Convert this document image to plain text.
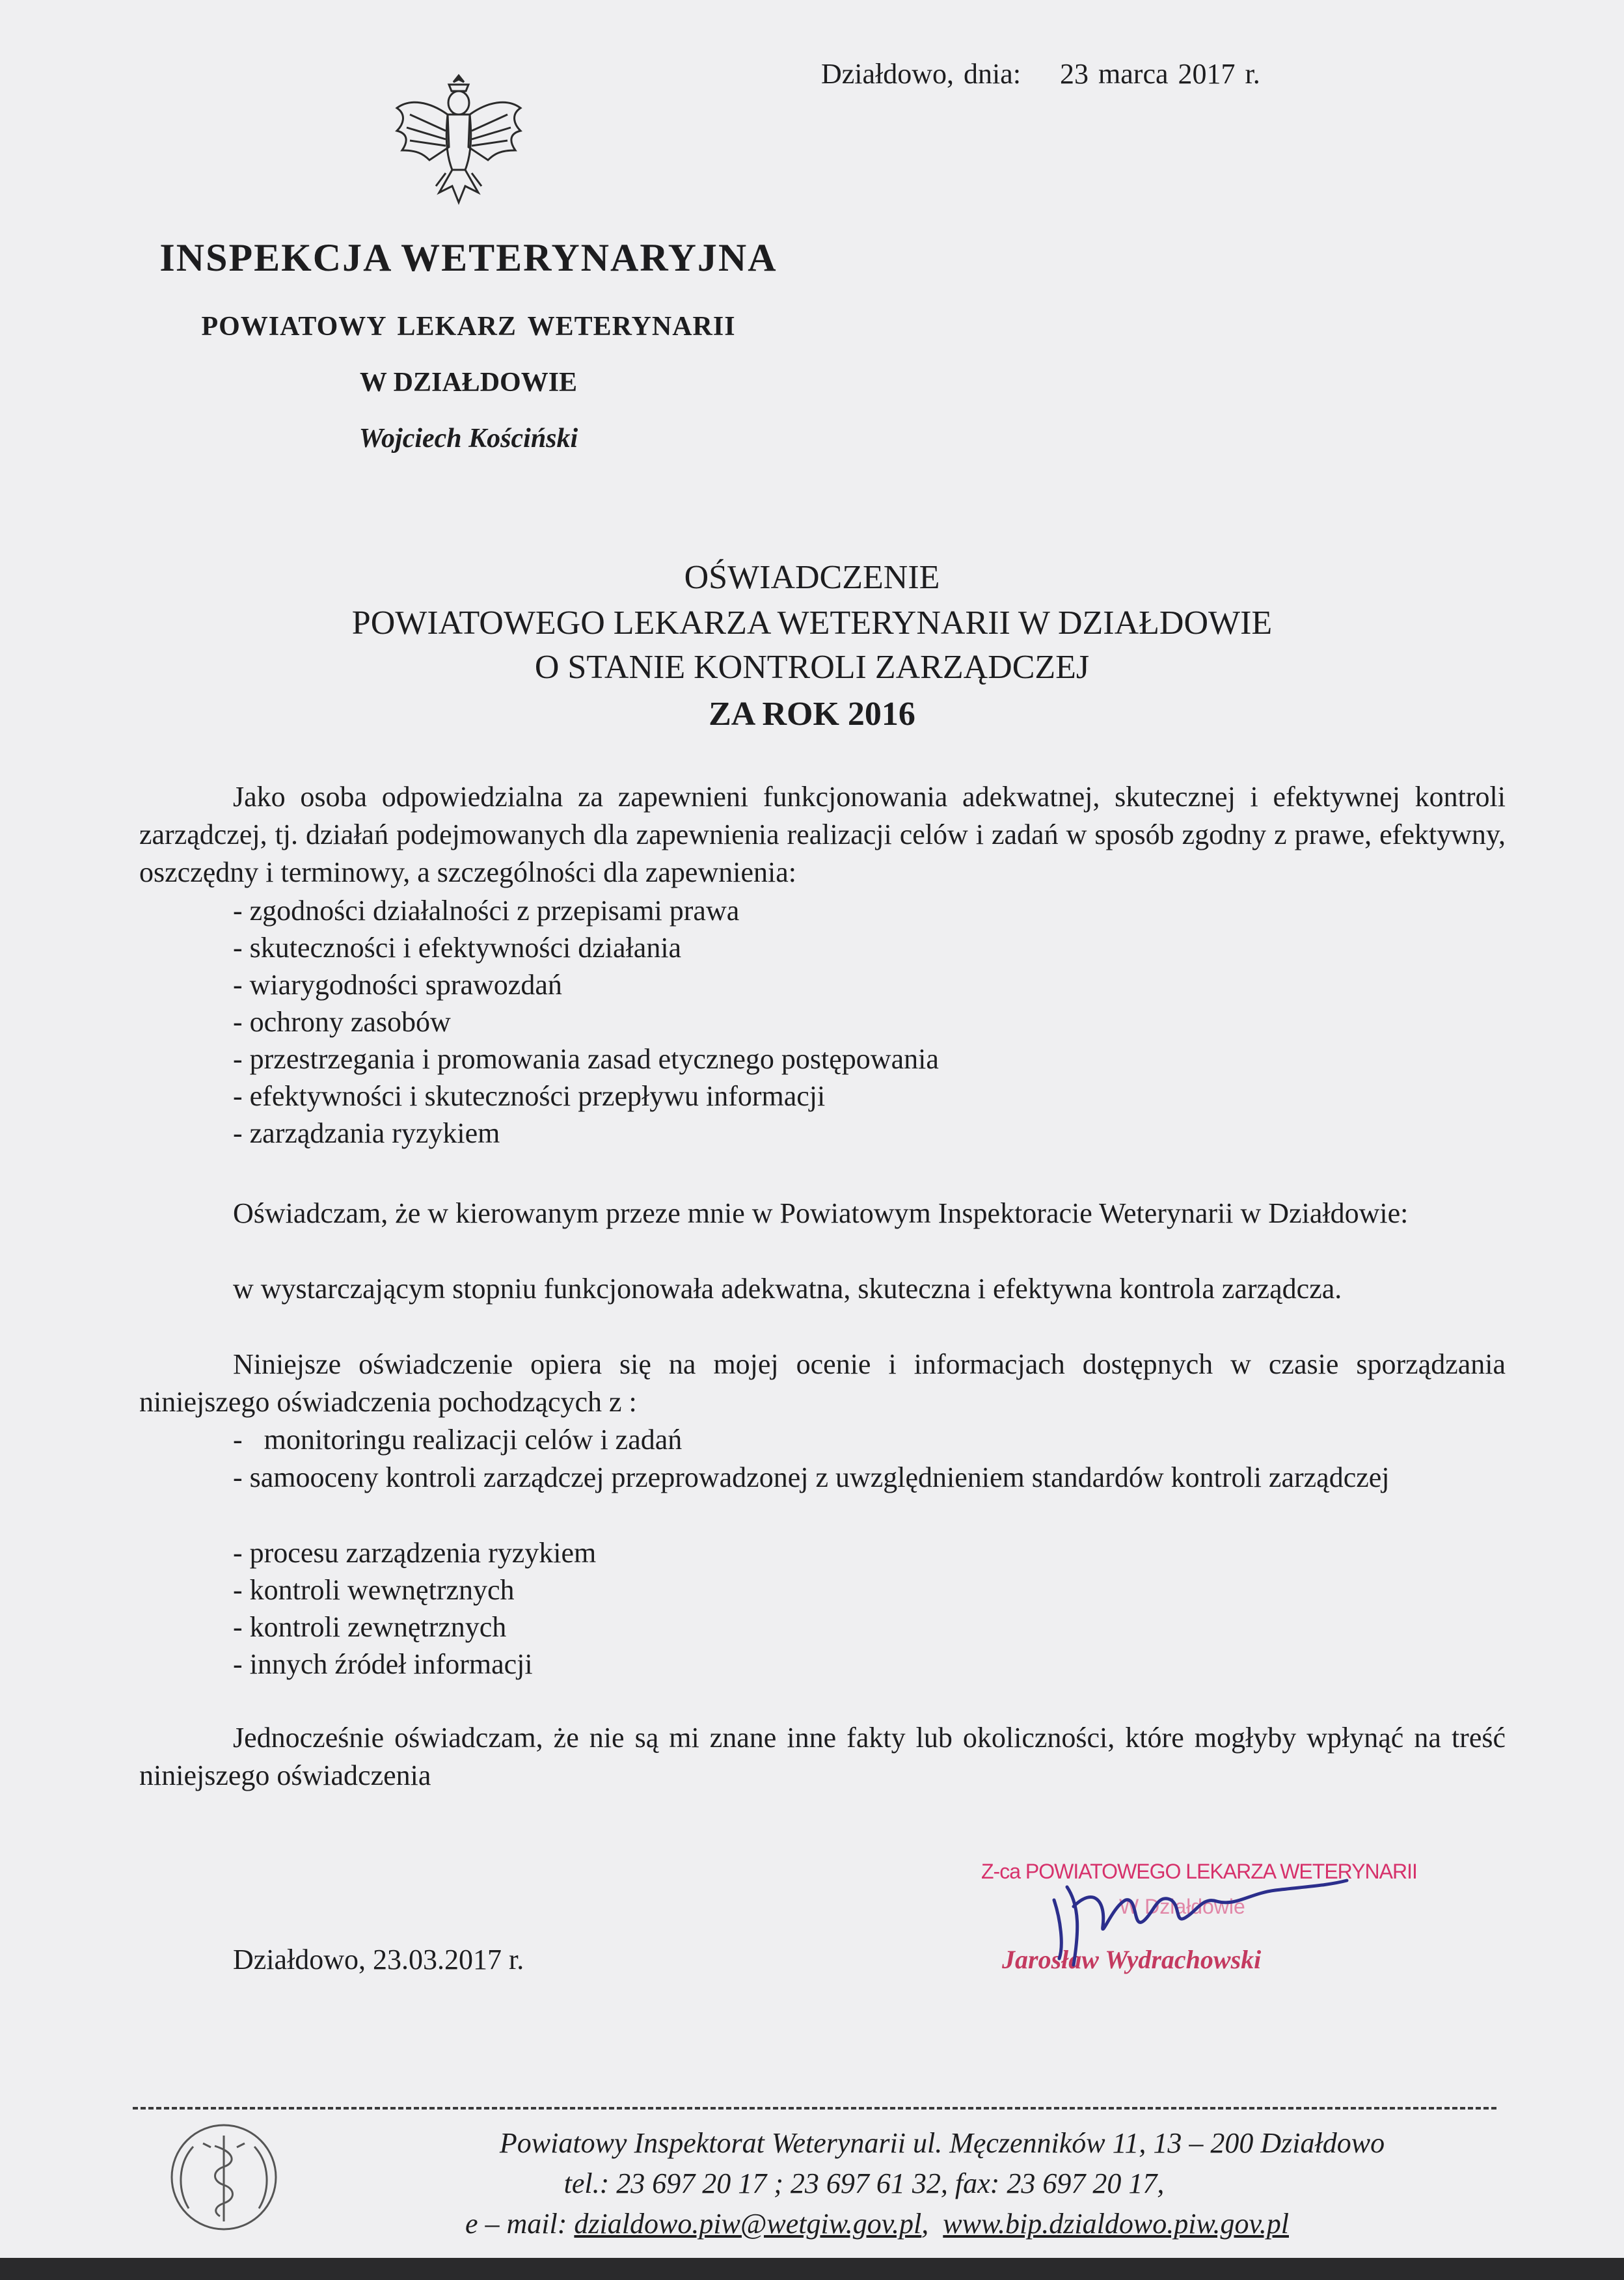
Działdowo, dnia: 23 marca 2017 r.
INSPEKCJA WETERYNARYJNA
POWIATOWY LEKARZ WETERYNARII
W DZIAŁDOWIE
Wojciech Kościński
OŚWIADCZENIE
POWIATOWEGO LEKARZA WETERYNARII W DZIAŁDOWIE
O STANIE KONTROLI ZARZĄDCZEJ
ZA ROK 2016

Jako osoba odpowiedzialna za zapewnieni funkcjonowania adekwatnej, skutecznej i efektywnej kontroli zarządczej, tj. działań podejmowanych dla zapewnienia realizacji celów i zadań w sposób zgodny z prawe, efektywny, oszczędny i terminowy, a szczególności dla zapewnienia:

- zgodności działalności z przepisami prawa
- skuteczności i efektywności działania
- wiarygodności sprawozdań
- ochrony zasobów
- przestrzegania i promowania zasad etycznego postępowania
- efektywności i skuteczności przepływu informacji
- zarządzania ryzykiem

Oświadczam, że w kierowanym przeze mnie w Powiatowym Inspektoracie Weterynarii w Działdowie:

w wystarczającym stopniu funkcjonowała adekwatna, skuteczna i efektywna kontrola zarządcza.

Niniejsze oświadczenie opiera się na mojej ocenie i informacjach dostępnych w czasie sporządzania niniejszego oświadczenia pochodzących z :

-   monitoringu realizacji celów i zadań

- samooceny kontroli zarządczej przeprowadzonej z uwzględnieniem standardów kontroli zarządczej

- procesu zarządzenia ryzykiem
- kontroli wewnętrznych
- kontroli zewnętrznych
- innych źródeł informacji

Jednocześnie oświadczam, że nie są mi znane inne fakty lub okoliczności, które mogłyby wpłynąć na treść niniejszego oświadczenia

Działdowo, 23.03.2017 r.
Z-ca POWIATOWEGO LEKARZA WETERYNARII
W Działdowie
Jarosław Wydrachowski
Powiatowy Inspektorat Weterynarii ul. Męczenników 11, 13 – 200 Działdowo
tel.: 23 697 20 17 ; 23 697 61 32, fax: 23 697 20 17,
e – mail: dzialdowo.piw@wetgiw.gov.pl,  www.bip.dzialdowo.piw.gov.pl
